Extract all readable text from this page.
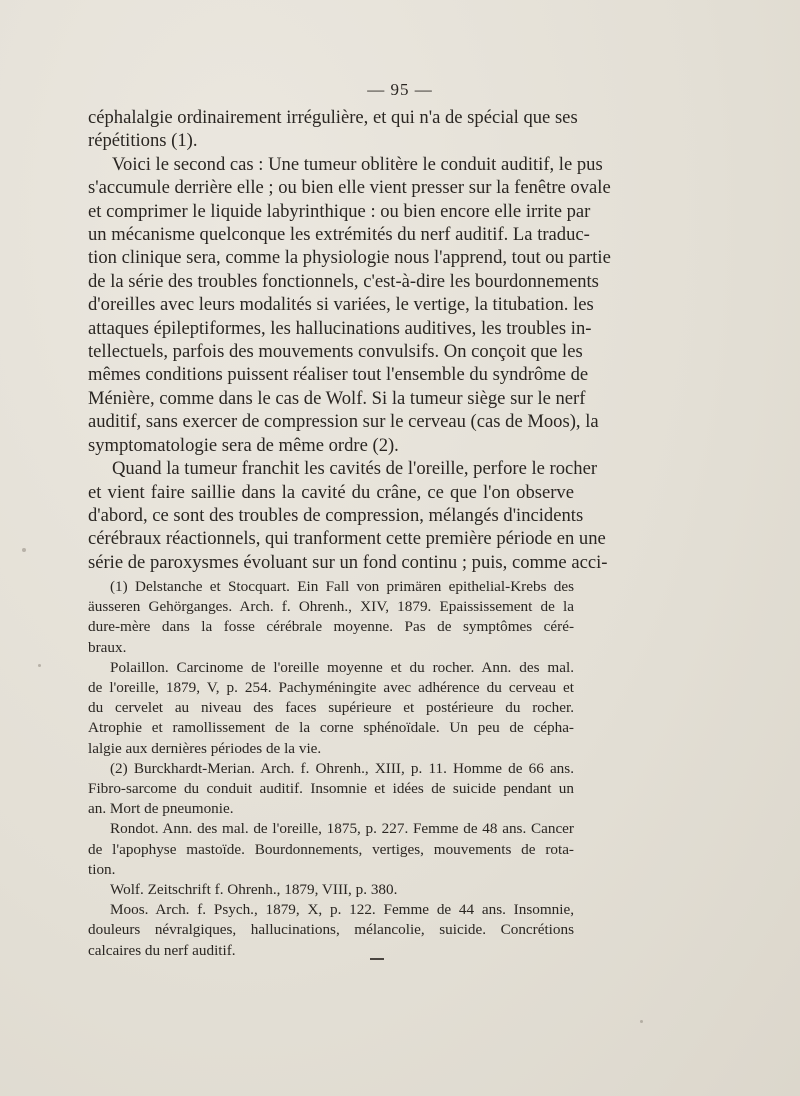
— 95 —
céphalalgie ordinairement irrégulière, et qui n'a de spécial que ses
répétitions (1).
Voici le second cas : Une tumeur oblitère le conduit auditif, le pus
s'accumule derrière elle ; ou bien elle vient presser sur la fenêtre ovale
et comprimer le liquide labyrinthique : ou bien encore elle irrite par
un mécanisme quelconque les extrémités du nerf auditif. La traduc-
tion clinique sera, comme la physiologie nous l'apprend, tout ou partie
de la série des troubles fonctionnels, c'est-à-dire les bourdonnements
d'oreilles avec leurs modalités si variées, le vertige, la titubation. les
attaques épileptiformes, les hallucinations auditives, les troubles in-
tellectuels, parfois des mouvements convulsifs. On conçoit que les
mêmes conditions puissent réaliser tout l'ensemble du syndrôme de
Ménière, comme dans le cas de Wolf. Si la tumeur siège sur le nerf
auditif, sans exercer de compression sur le cerveau (cas de Moos), la
symptomatologie sera de même ordre (2).
Quand la tumeur franchit les cavités de l'oreille, perfore le rocher
et vient faire saillie dans la cavité du crâne, ce que l'on observe
d'abord, ce sont des troubles de compression, mélangés d'incidents
cérébraux réactionnels, qui tranforment cette première période en une
série de paroxysmes évoluant sur un fond continu ; puis, comme acci-
(1) Delstanche et Stocquart. Ein Fall von primären epithelial-Krebs des
äusseren Gehörganges. Arch. f. Ohrenh., XIV, 1879. Epaississement de la
dure-mère dans la fosse cérébrale moyenne. Pas de symptômes céré-
braux.
Polaillon. Carcinome de l'oreille moyenne et du rocher. Ann. des mal.
de l'oreille, 1879, V, p. 254. Pachyméningite avec adhérence du cerveau et
du cervelet au niveau des faces supérieure et postérieure du rocher.
Atrophie et ramollissement de la corne sphénoïdale. Un peu de cépha-
lalgie aux dernières périodes de la vie.
(2) Burckhardt-Merian. Arch. f. Ohrenh., XIII, p. 11. Homme de 66 ans.
Fibro-sarcome du conduit auditif. Insomnie et idées de suicide pendant un
an. Mort de pneumonie.
Rondot. Ann. des mal. de l'oreille, 1875, p. 227. Femme de 48 ans. Cancer
de l'apophyse mastoïde. Bourdonnements, vertiges, mouvements de rota-
tion.
Wolf. Zeitschrift f. Ohrenh., 1879, VIII, p. 380.
Moos. Arch. f. Psych., 1879, X, p. 122. Femme de 44 ans. Insomnie,
douleurs névralgiques, hallucinations, mélancolie, suicide. Concrétions
calcaires du nerf auditif.
